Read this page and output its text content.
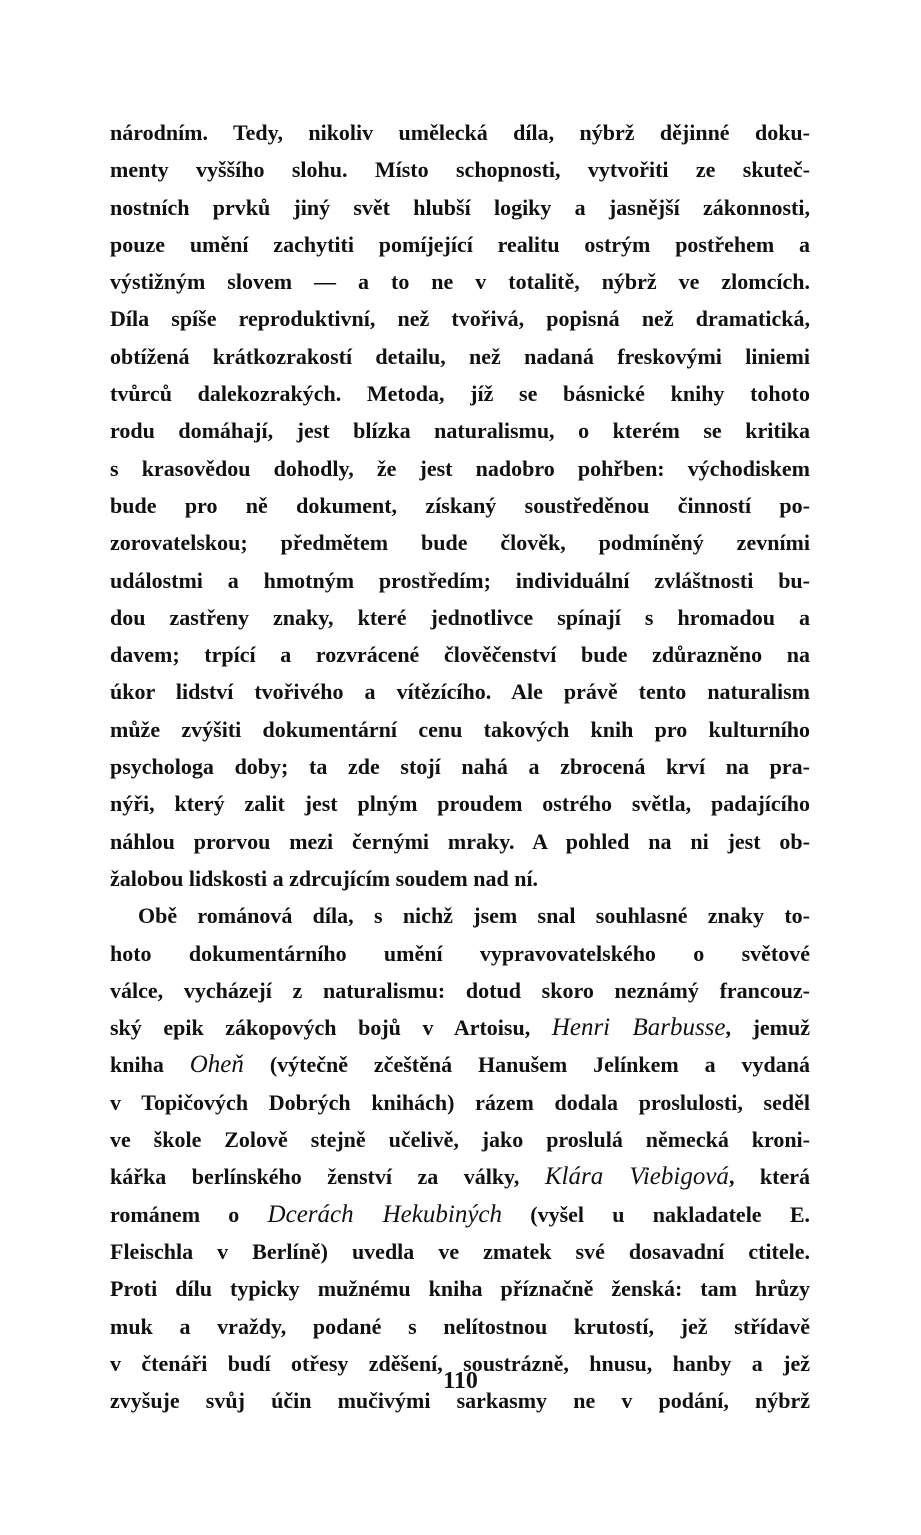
národním. Tedy, nikoliv umělecká díla, nýbrž dějinné doku-
menty vyššího slohu. Místo schopnosti, vytvořiti ze skuteč-
nostních prvků jiný svět hlubší logiky a jasnější zákonnosti,
pouze umění zachytiti pomíjející realitu ostrým postřehem a
výstižným slovem — a to ne v totalitě, nýbrž ve zlomcích.
Díla spíše reproduktivní, než tvořivá, popisná než dramatická,
obtížená krátkozrakostí detailu, než nadaná freskovými liniemi
tvůrců dalekozrakých. Metoda, jíž se básnické knihy tohoto
rodu domáhají, jest blízka naturalismu, o kterém se kritika
s krasovědou dohodly, že jest nadobro pohřben: východiskem
bude pro ně dokument, získaný soustředěnou činností po-
zorovatelskou; předmětem bude člověk, podmíněný zevními
událostmi a hmotným prostředím; individuální zvláštnosti bu-
dou zastřeny znaky, které jednotlivce spínají s hromadou a
davem; trpící a rozvrácené člověčenství bude zdůrazněno na
úkor lidství tvořivého a vítězícího. Ale právě tento naturalism
může zvýšiti dokumentární cenu takových knih pro kulturního
psychologa doby; ta zde stojí nahá a zbrocená krví na pra-
nýři, který zalit jest plným proudem ostrého světla, padajícího
náhlou prorvou mezi černými mraky. A pohled na ni jest ob-
žalobou lidskosti a zdrcujícím soudem nad ní.
Obě románová díla, s nichž jsem snal souhlasné znaky to-
hoto dokumentárního umění vypravovatelského o světové
válce, vycházejí z naturalismu: dotud skoro neznámý francouz-
ský epik zákopových bojů v Artoisu, Henri Barbusse, jemuž
kniha Oheň (výtečně zčeštěná Hanušem Jelínkem a vydaná
v Topičových Dobrých knihách) rázem dodala proslulosti, seděl
ve škole Zolově stejně učelivě, jako proslulá německá kroni-
kářka berlínského ženství za války, Klára Viebigová, která
románem o Dcerách Hekubiných (vyšel u nakladatele E.
Fleischla v Berlíně) uvedla ve zmatek své dosavadní ctitele.
Proti dílu typicky mužnému kniha příznačně ženská: tam hrůzy
muk a vraždy, podané s nelítostnou krutostí, jež střídavě
v čtenáři budí otřesy zděšení, soustrázně, hnusu, hanby a jež
zvyšuje svůj účin mučivými sarkasmy ne v podání, nýbrž
110
